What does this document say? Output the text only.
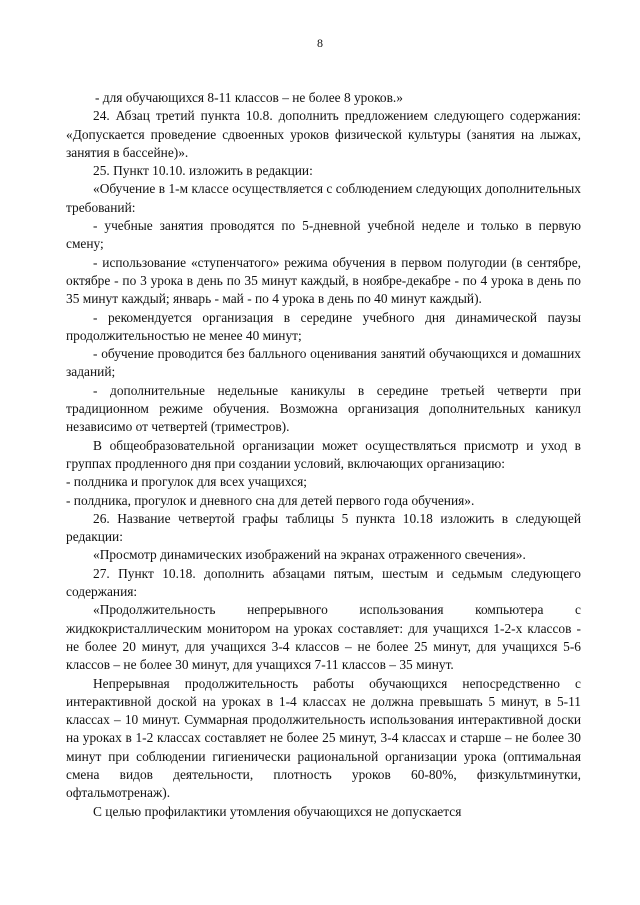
8

- для обучающихся 8-11 классов – не более 8 уроков.»

24. Абзац третий пункта 10.8. дополнить предложением следующего содержания: «Допускается проведение сдвоенных уроков физической культуры (занятия на лыжах, занятия в бассейне)».

25. Пункт 10.10. изложить в редакции:

«Обучение в 1-м классе осуществляется с соблюдением следующих дополнительных требований:

- учебные занятия проводятся по 5-дневной учебной неделе и только в первую смену;

- использование «ступенчатого» режима обучения в первом полугодии (в сентябре, октябре - по 3 урока в день по 35 минут каждый, в ноябре-декабре - по 4 урока в день по 35 минут каждый; январь - май - по 4 урока в день по 40 минут каждый).

- рекомендуется организация в середине учебного дня динамической паузы продолжительностью не менее 40 минут;

- обучение проводится без балльного оценивания занятий обучающихся и домашних заданий;

- дополнительные недельные каникулы в середине третьей четверти при традиционном режиме обучения. Возможна организация дополнительных каникул независимо от четвертей (триместров).

В общеобразовательной организации может осуществляться присмотр и уход в группах продленного дня при создании условий, включающих организацию:

- полдника и прогулок для всех учащихся;

- полдника, прогулок и дневного сна для детей первого года обучения».

26. Название четвертой графы таблицы 5 пункта 10.18 изложить в следующей редакции:

«Просмотр динамических изображений на экранах отраженного свечения».

27. Пункт 10.18. дополнить абзацами пятым, шестым и седьмым следующего содержания:

«Продолжительность непрерывного использования компьютера с жидкокристаллическим монитором на уроках составляет: для учащихся 1-2-х классов - не более 20 минут, для учащихся 3-4 классов – не более 25 минут, для учащихся 5-6 классов – не более 30 минут, для учащихся 7-11 классов – 35 минут.

Непрерывная продолжительность работы обучающихся непосредственно с интерактивной доской на уроках в 1-4 классах не должна превышать 5 минут, в 5-11 классах – 10 минут. Суммарная продолжительность использования интерактивной доски на уроках в 1-2 классах составляет не более 25 минут, 3-4 классах и старше – не более 30 минут при соблюдении гигиенически рациональной организации урока (оптимальная смена видов деятельности, плотность уроков 60-80%, физкультминутки, офтальмотренаж).

С целью профилактики утомления обучающихся не допускается
